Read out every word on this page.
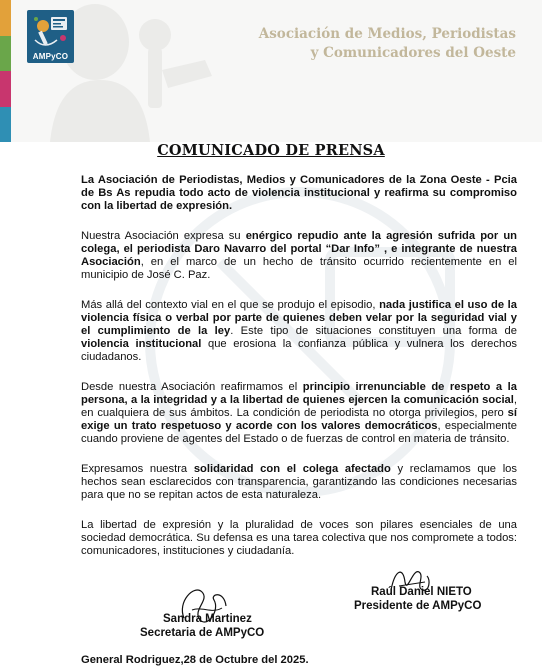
AMPyCO
Asociación de Medios, Periodistas
y Comunicadores del Oeste
COMUNICADO DE PRENSA

La Asociación de Periodistas, Medios y Comunicadores de la Zona Oeste - Pcia de Bs As repudia todo acto de violencia institucional y reafirma su compromiso con la libertad de expresión.

Nuestra Asociación expresa su enérgico repudio ante la agresión sufrida por un colega, el periodista Daro Navarro del portal “Dar Info” , e integrante de nuestra Asociación, en el marco de un hecho de tránsito ocurrido recientemente en el municipio de José C. Paz.

Más allá del contexto vial en el que se produjo el episodio, nada justifica el uso de la violencia física o verbal por parte de quienes deben velar por la seguridad vial y el cumplimiento de la ley. Este tipo de situaciones constituyen una forma de violencia institucional que erosiona la confianza pública y vulnera los derechos ciudadanos.

Desde nuestra Asociación reafirmamos el principio irrenunciable de respeto a la persona, a la integridad y a la libertad de quienes ejercen la comunicación social, en cualquiera de sus ámbitos. La condición de periodista no otorga privilegios, pero sí exige un trato respetuoso y acorde con los valores democráticos, especialmente cuando proviene de agentes del Estado o de fuerzas de control en materia de tránsito.

Expresamos nuestra solidaridad con el colega afectado y reclamamos que los hechos sean esclarecidos con transparencia, garantizando las condiciones necesarias para que no se repitan actos de esta naturaleza.

La libertad de expresión y la pluralidad de voces son pilares esenciales de una sociedad democrática. Su defensa es una tarea colectiva que nos compromete a todos: comunicadores, instituciones y ciudadanía.

Sandra Martinez
Secretaria de AMPyCO
Raúl Daniel NIETO
Presidente de AMPyCO
General Rodriguez,28 de Octubre del 2025.
